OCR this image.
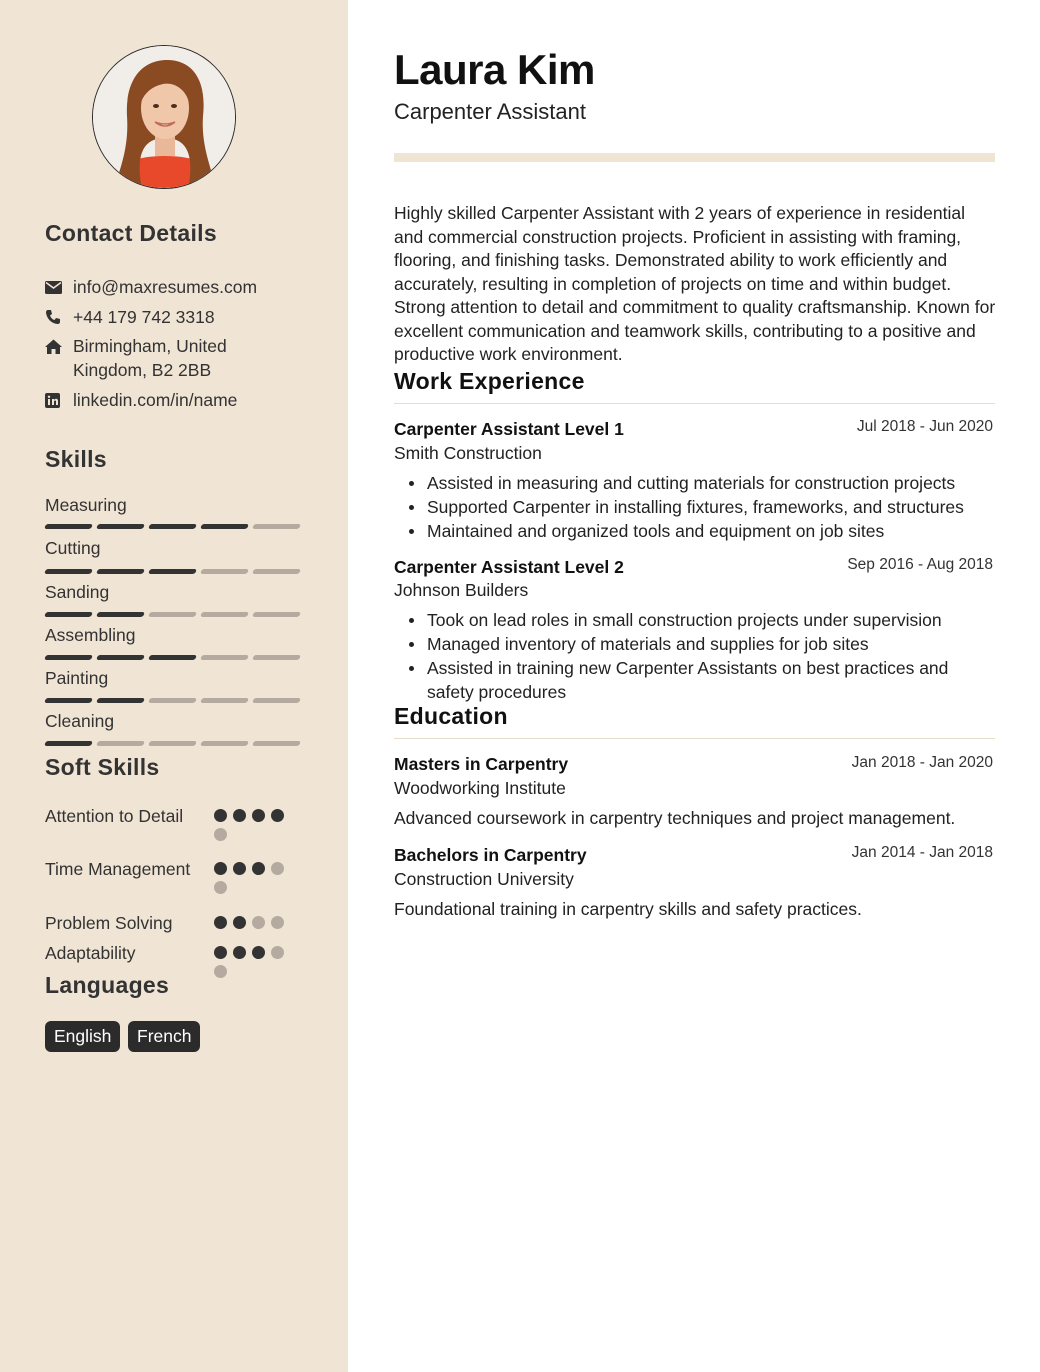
Contact Details
info@maxresumes.com
+44 179 742 3318
Birmingham, United Kingdom, B2 2BB
linkedin.com/in/name
Skills
Measuring
Cutting
Sanding
Assembling
Painting
Cleaning
Soft Skills
Attention to Detail
Time Management
Problem Solving
Adaptability
Languages
English	French
Laura Kim
Carpenter Assistant

Highly skilled Carpenter Assistant with 2 years of experience in residential and commercial construction projects. Proficient in assisting with framing, flooring, and finishing tasks. Demonstrated ability to work efficiently and accurately, resulting in completion of projects on time and within budget. Strong attention to detail and commitment to quality craftsmanship. Known for excellent communication and teamwork skills, contributing to a positive and productive work environment.

Work Experience
Carpenter Assistant Level 1	Jul 2018 - Jun 2020
Smith Construction
Assisted in measuring and cutting materials for construction projects
Supported Carpenter in installing fixtures, frameworks, and structures
Maintained and organized tools and equipment on job sites
Carpenter Assistant Level 2	Sep 2016 - Aug 2018
Johnson Builders
Took on lead roles in small construction projects under supervision
Managed inventory of materials and supplies for job sites
Assisted in training new Carpenter Assistants on best practices and safety procedures
Education
Masters in Carpentry	Jan 2018 - Jan 2020
Woodworking Institute
Advanced coursework in carpentry techniques and project management.
Bachelors in Carpentry	Jan 2014 - Jan 2018
Construction University
Foundational training in carpentry skills and safety practices.
